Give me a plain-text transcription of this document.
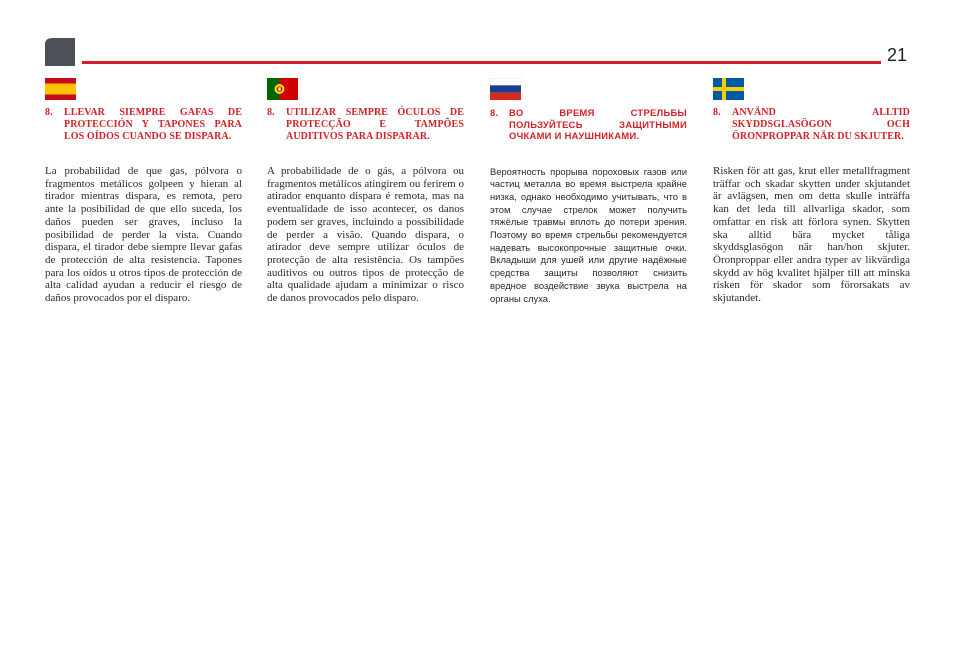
21
8.	LLEVAR SIEMPRE GAFAS DE PROTECCIÓN Y TAPONES PARA LOS OÍDOS CUANDO SE DISPARA.
La probabilidad de que gas, pólvora o fragmentos metálicos golpeen y hieran al tirador mientras dispara, es remota, pero ante la posibilidad de que ello suceda, los daños pueden ser graves, incluso la posibilidad de perder la vista. Cuando dispara, el tirador debe siempre llevar gafas de protección de alta resistencia. Tapones para los oídos u otros tipos de protección de alta calidad ayudan a reducir el riesgo de daños provocados por el disparo.
8.	UTILIZAR SEMPRE ÓCULOS DE PROTECÇÃO E TAMPÕES AUDITIVOS PARA DISPARAR.
A probabilidade de o gás, a pólvora ou fragmentos metálicos atingirem ou ferirem o atirador enquanto dispara é remota, mas na eventualidade de isso acontecer, os danos podem ser graves, incluindo a possibilidade de perder a visão. Quando dispara, o atirador deve sempre utilizar óculos de protecção de alta resistência. Os tampões auditivos ou outros tipos de protecção de alta qualidade ajudam a minimizar o risco de danos provocados pelo disparo.
8.	ВО ВРЕМЯ СТРЕЛЬБЫ ПОЛЬЗУЙТЕСЬ ЗАЩИТНЫМИ ОЧКАМИ И НАУШНИКАМИ.
Вероятность прорыва пороховых газов или частиц металла во время выстрела крайне низка, однако необходимо учитывать, что в этом случае стрелок может получить тяжёлые травмы вплоть до потери зрения. Поэтому во время стрельбы рекомендуется надевать высокопрочные защитные очки. Вкладыши для ушей или другие надёжные средства защиты позволяют снизить вредное воздействие звука выстрела на органы слуха.
8.	ANVÄND ALLTID SKYDDSGLASÖGON OCH ÖRONPROPPAR NÄR DU SKJUTER.
Risken för att gas, krut eller metallfragment träffar och skadar skytten under skjutandet är avlägsen, men om detta skulle inträffa kan det leda till allvarliga skador, som omfattar en risk att förlora synen. Skytten ska alltid bära mycket tåliga skyddsglasögon när han/hon skjuter. Öronproppar eller andra typer av likvärdiga skydd av hög kvalitet hjälper till att minska risken för skador som förorsakats av skjutandet.
